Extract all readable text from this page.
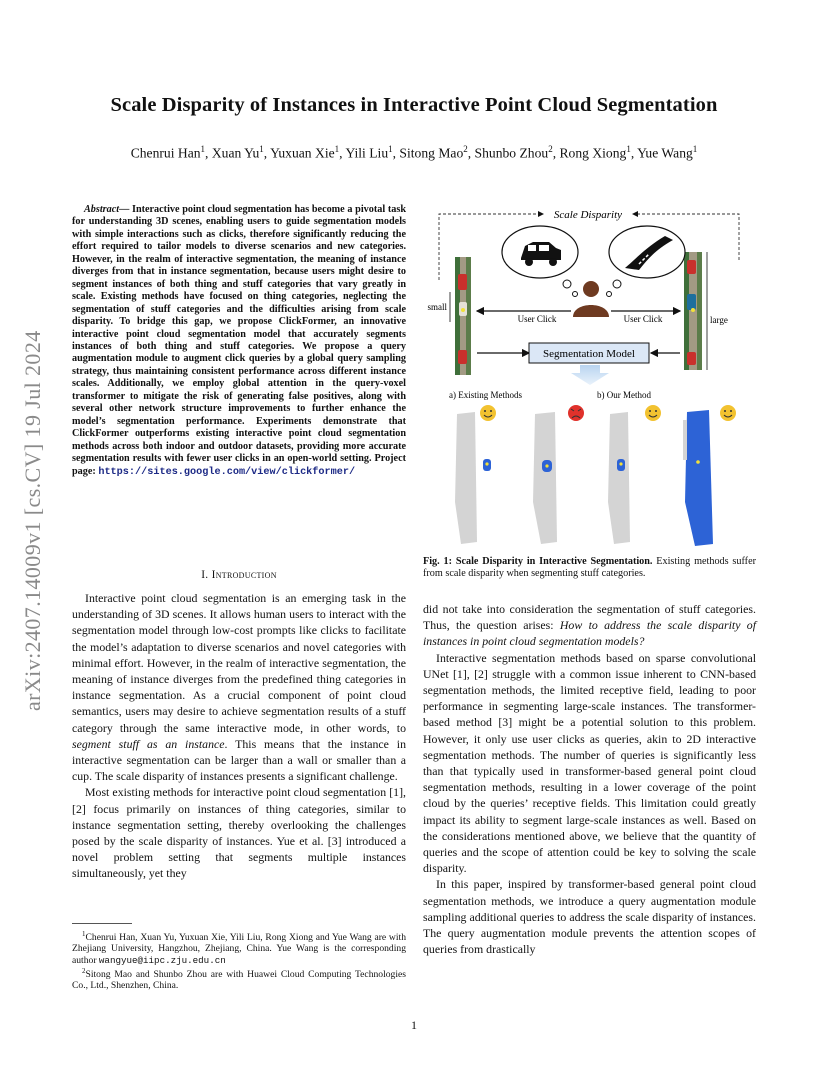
arXiv:2407.14009v1 [cs.CV] 19 Jul 2024
Scale Disparity of Instances in Interactive Point Cloud Segmentation
Chenrui Han$^1$, Xuan Yu$^1$, Yuxuan Xie$^1$, Yili Liu$^1$, Sitong Mao$^2$, Shunbo Zhou$^2$, Rong Xiong$^1$, Yue Wang$^1$
Abstract— Interactive point cloud segmentation has become a pivotal task for understanding 3D scenes, enabling users to guide segmentation models with simple interactions such as clicks, therefore significantly reducing the effort required to tailor models to diverse scenarios and new categories. However, in the realm of interactive segmentation, the meaning of instance diverges from that in instance segmentation, because users might desire to segment instances of both thing and stuff categories that vary greatly in scale. Existing methods have focused on thing categories, neglecting the segmentation of stuff categories and the difficulties arising from scale disparity. To bridge this gap, we propose ClickFormer, an innovative interactive point cloud segmentation model that accurately segments instances of both thing and stuff categories. We propose a query augmentation module to augment click queries by a global query sampling strategy, thus maintaining consistent performance across different instance scales. Additionally, we employ global attention in the query-voxel transformer to mitigate the risk of generating false positives, along with several other network structure improvements to further enhance the model’s segmentation performance. Experiments demonstrate that ClickFormer outperforms existing interactive point cloud segmentation methods across both indoor and outdoor datasets, providing more accurate segmentation results with fewer user clicks in an open-world setting. Project page: https://sites.google.com/view/clickformer/
I. Introduction

Interactive point cloud segmentation is an emerging task in the understanding of 3D scenes. It allows human users to interact with the segmentation model through low-cost prompts like clicks to facilitate the model’s adaptation to diverse scenarios and novel categories with minimal effort. However, in the realm of interactive segmentation, the meaning of instance diverges from the predefined thing categories in instance segmentation. As a crucial component of point cloud semantics, users may desire to achieve segmentation results of a stuff category through the same interactive mode, in other words, to segment stuff as an instance. This means that the instance in interactive segmentation can be larger than a wall or smaller than a cup. The scale disparity of instances presents a significant challenge.

Most existing methods for interactive point cloud segmentation [1], [2] focus primarily on instances of thing categories, similar to instance segmentation setting, thereby overlooking the challenges posed by the scale disparity of instances. Yue et al. [3] introduced a novel problem setting that segments multiple instances simultaneously, yet they

$^1$Chenrui Han, Xuan Yu, Yuxuan Xie, Yili Liu, Rong Xiong and Yue Wang are with Zhejiang University, Hangzhou, Zhejiang, China. Yue Wang is the corresponding author wangyue@iipc.zju.edu.cn

$^2$Sitong Mao and Shunbo Zhou are with Huawei Cloud Computing Technologies Co., Ltd., Shenzhen, China.

Scale Disparity
small
large
User Click	User Click
Segmentation Model
a) Existing Methods	b) Our Method
Fig. 1: Scale Disparity in Interactive Segmentation. Existing methods suffer from scale disparity when segmenting stuff categories.

did not take into consideration the segmentation of stuff categories. Thus, the question arises: How to address the scale disparity of instances in point cloud segmentation models?

Interactive segmentation methods based on sparse convolutional UNet [1], [2] struggle with a common issue inherent to CNN-based segmentation methods, the limited receptive field, leading to poor performance in segmenting large-scale instances. The transformer-based method [3] might be a potential solution to this problem. However, it only use user clicks as queries, akin to 2D interactive segmentation methods. The number of queries is significantly less than that typically used in transformer-based general point cloud segmentation methods, resulting in a lower coverage of the point cloud by the queries’ receptive fields. This limitation could greatly impact its ability to segment large-scale instances as well. Based on the considerations mentioned above, we believe that the quantity of queries and the scope of attention could be key to solving the scale disparity.

In this paper, inspired by transformer-based general point cloud segmentation methods, we introduce a query augmentation module sampling additional queries to address the scale disparity of instances. The query augmentation module prevents the attention scopes of queries from drastically

1
